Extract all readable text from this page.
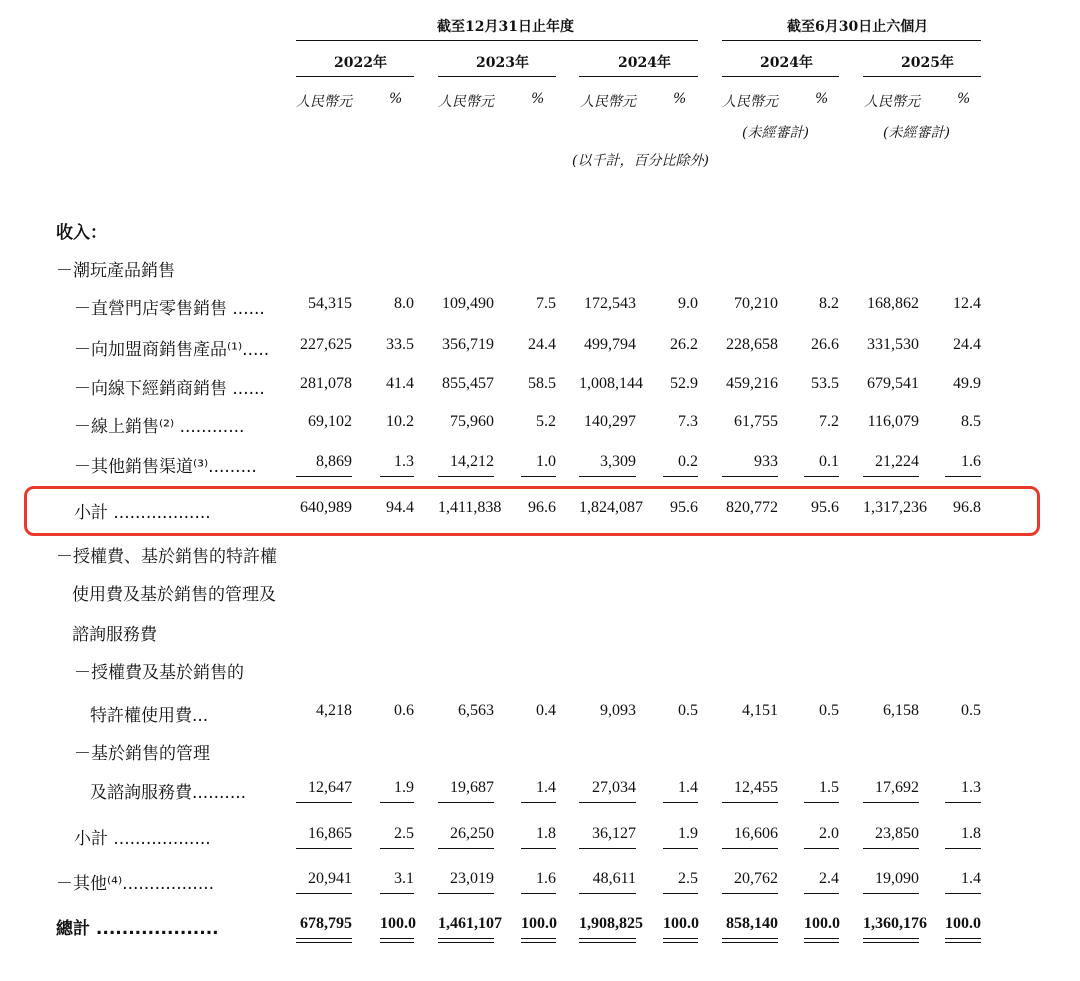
截至12月31日止年度	截至6月30日止六個月
2022年	2023年	2024年	2024年	2025年
人民幣元	%	人民幣元	%	人民幣元	%	人民幣元	%	人民幣元	%
(未經審計)	(未經審計)
(以千計，百分比除外)
收入：
－潮玩產品銷售
－直營門店零售銷售 ......	54,315	8.0 109,490	7.5	172,543	9.0	70,210	8.2 168,862	12.4
－向加盟商銷售產品⁽¹⁾..... 227,625	33.5 356,719	24.4	499,794	26.2 228,658	26.6 331,530	24.4
－向線下經銷商銷售 ...... 281,078	41.4 855,457	58.5 1,008,144	52.9 459,216	53.5 679,541	49.9
－線上銷售⁽²⁾ ............	69,102	10.2	75,960	5.2	140,297	7.3	61,755	7.2 116,079	8.5
－其他銷售渠道⁽³⁾.........	8,869	1.3	14,212	1.0	3,309	0.2	933	0.1	21,224	1.6
小計 ..................	640,989	94.4 1,411,838	96.6 1,824,087	95.6 820,772	95.6 1,317,236	96.8
－授權費、基於銷售的特許權
使用費及基於銷售的管理及
諮詢服務費
－授權費及基於銷售的
特許權使用費...	4,218	0.6	6,563	0.4	9,093	0.5	4,151	0.5	6,158	0.5
－基於銷售的管理
及諮詢服務費..........	12,647	1.9	19,687	1.4	27,034	1.4	12,455	1.5	17,692	1.3
小計 ..................	16,865	2.5	26,250	1.8	36,127	1.9	16,606	2.0	23,850	1.8
－其他⁽⁴⁾.................	20,941	3.1	23,019	1.6	48,611	2.5	20,762	2.4	19,090	1.4
總計 ...................	678,795 100.0 1,461,107 100.0 1,908,825 100.0 858,140 100.0 1,360,176 100.0
